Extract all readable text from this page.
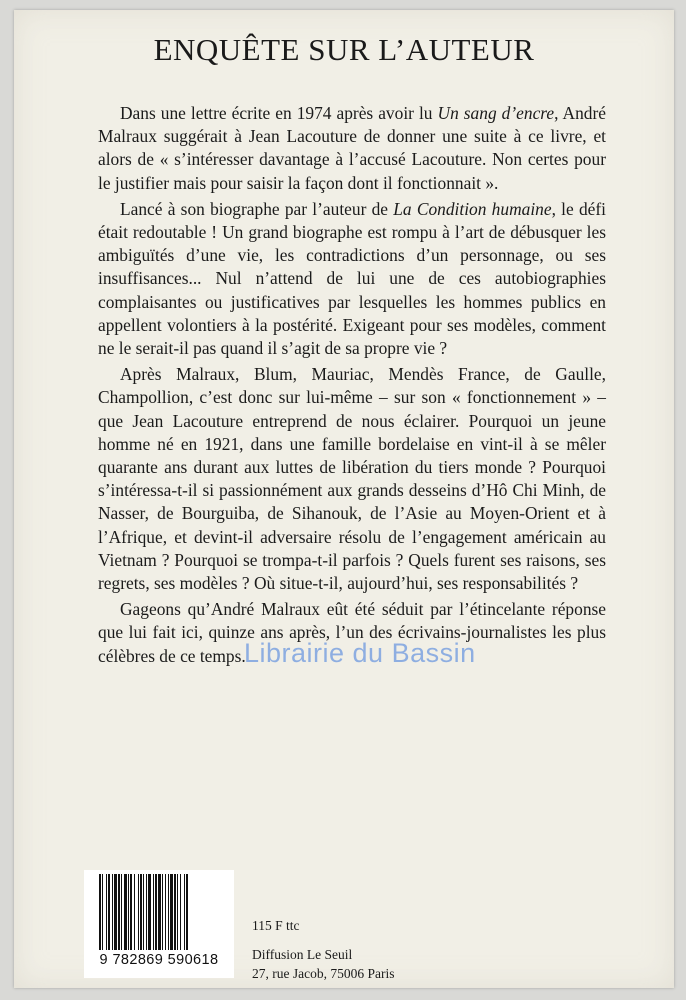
ENQUÊTE SUR L’AUTEUR

Dans une lettre écrite en 1974 après avoir lu Un sang d’encre, André Malraux suggérait à Jean Lacouture de donner une suite à ce livre, et alors de « s’intéresser davantage à l’accusé Lacouture. Non certes pour le justifier mais pour saisir la façon dont il fonctionnait ».

Lancé à son biographe par l’auteur de La Condition humaine, le défi était redoutable ! Un grand biographe est rompu à l’art de débusquer les ambiguïtés d’une vie, les contradictions d’un personnage, ou ses insuffisances... Nul n’attend de lui une de ces autobiographies complaisantes ou justificatives par lesquelles les hommes publics en appellent volontiers à la postérité. Exigeant pour ses modèles, comment ne le serait-il pas quand il s’agit de sa propre vie ?

Après Malraux, Blum, Mauriac, Mendès France, de Gaulle, Champollion, c’est donc sur lui-même – sur son « fonctionnement » – que Jean Lacouture entreprend de nous éclairer. Pourquoi un jeune homme né en 1921, dans une famille bordelaise en vint-il à se mêler quarante ans durant aux luttes de libération du tiers monde ? Pourquoi s’intéressa-t-il si passionnément aux grands desseins d’Hô Chi Minh, de Nasser, de Bourguiba, de Sihanouk, de l’Asie au Moyen-Orient et à l’Afrique, et devint-il adversaire résolu de l’engagement américain au Vietnam ? Pourquoi se trompa-t-il parfois ? Quels furent ses raisons, ses regrets, ses modèles ? Où situe-t-il, aujourd’hui, ses responsabilités ?

Gageons qu’André Malraux eût été séduit par l’étincelante réponse que lui fait ici, quinze ans après, l’un des écrivains-journalistes les plus célèbres de ce temps.

Librairie du Bassin
9 782869 590618
115 F ttc
Diffusion Le Seuil
27, rue Jacob, 75006 Paris
